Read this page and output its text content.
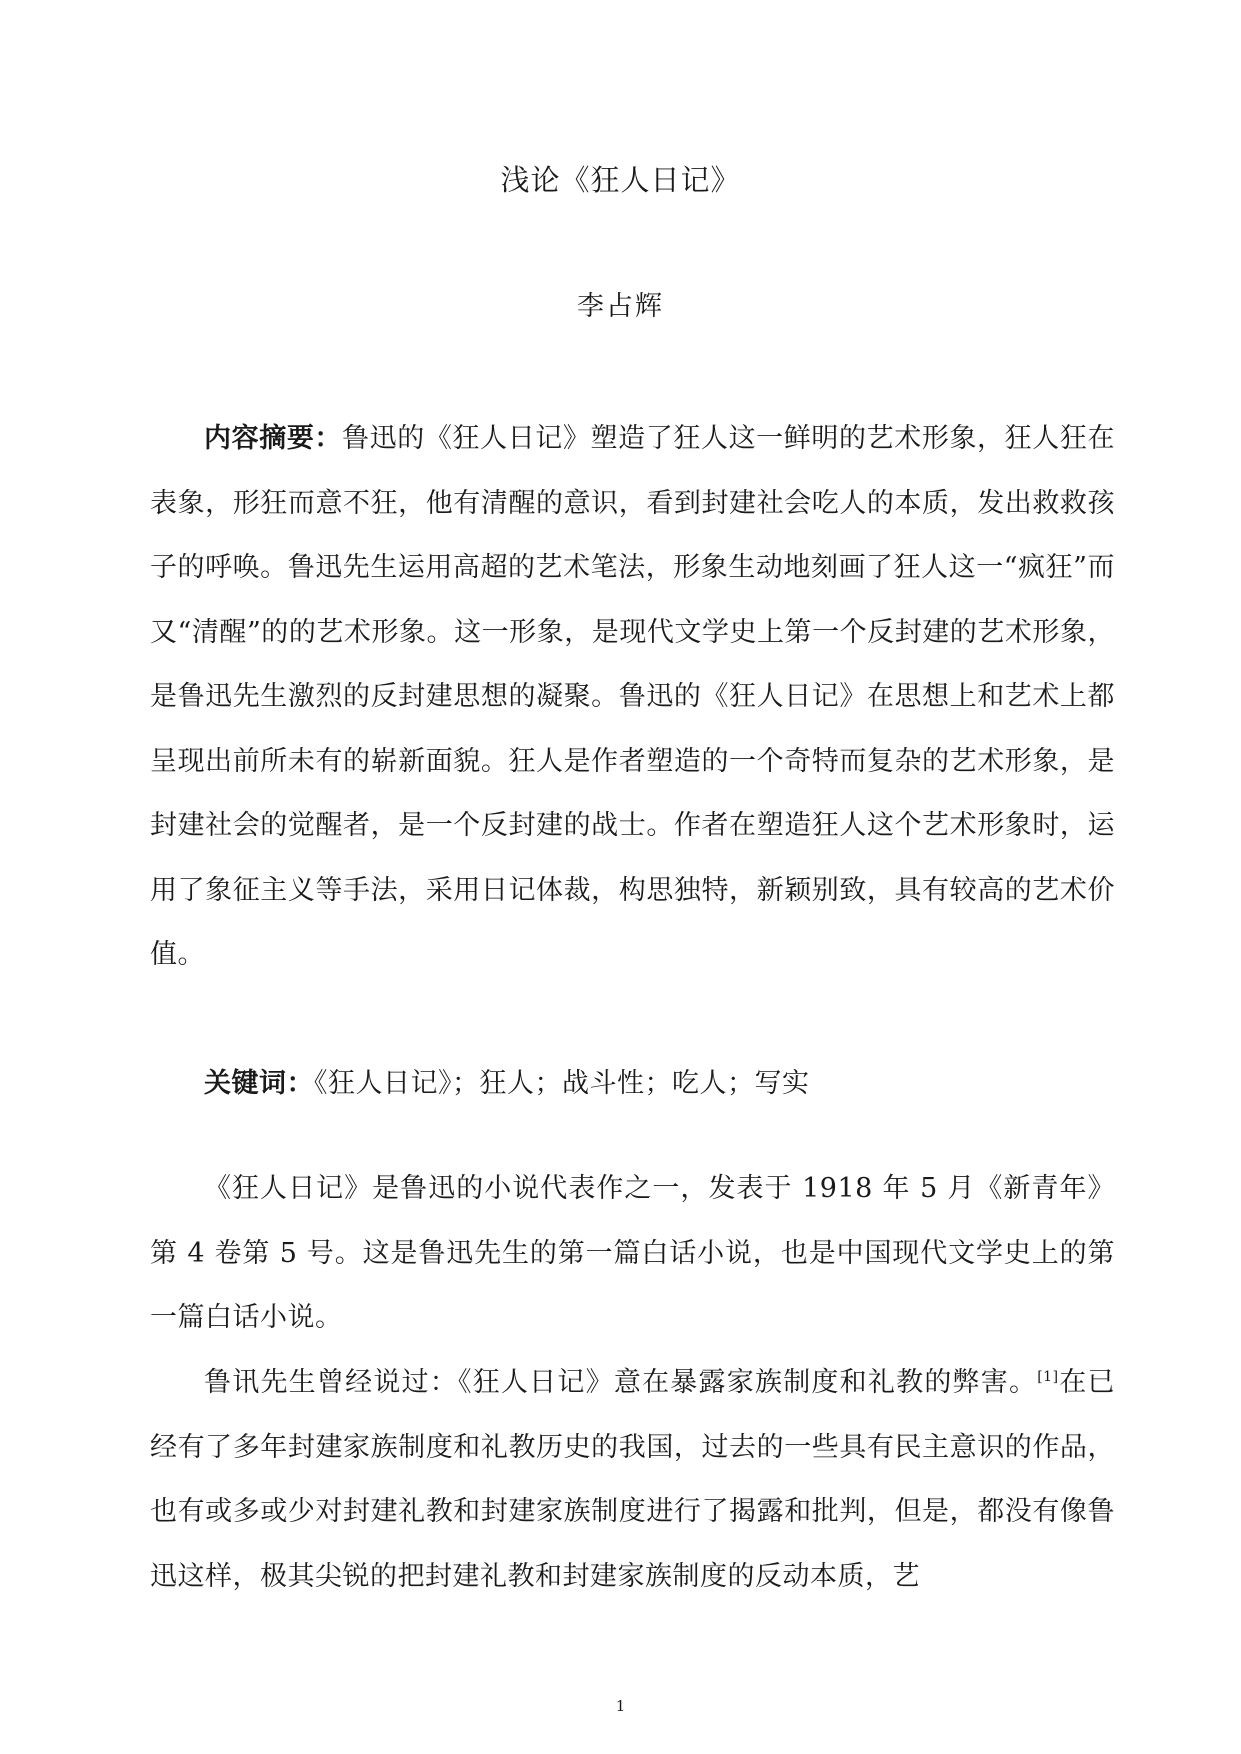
浅论《狂人日记》
李占辉
内容摘要：鲁迅的《狂人日记》塑造了狂人这一鲜明的艺术形象，狂人狂在表象，形狂而意不狂，他有清醒的意识，看到封建社会吃人的本质，发出救救孩子的呼唤。鲁迅先生运用高超的艺术笔法，形象生动地刻画了狂人这一“疯狂”而又“清醒”的的艺术形象。这一形象，是现代文学史上第一个反封建的艺术形象，是鲁迅先生激烈的反封建思想的凝聚。鲁迅的《狂人日记》在思想上和艺术上都呈现出前所未有的崭新面貌。狂人是作者塑造的一个奇特而复杂的艺术形象，是封建社会的觉醒者，是一个反封建的战士。作者在塑造狂人这个艺术形象时，运用了象征主义等手法，采用日记体裁，构思独特，新颖别致，具有较高的艺术价值。
关键词：《狂人日记》；狂人；战斗性；吃人；写实
《狂人日记》是鲁迅的小说代表作之一，发表于 1918 年 5 月《新青年》第 4 卷第 5 号。这是鲁迅先生的第一篇白话小说，也是中国现代文学史上的第一篇白话小说。
鲁讯先生曾经说过：《狂人日记》意在暴露家族制度和礼教的弊害。[1]在已经有了多年封建家族制度和礼教历史的我国，过去的一些具有民主意识的作品，也有或多或少对封建礼教和封建家族制度进行了揭露和批判，但是，都没有像鲁迅这样，极其尖锐的把封建礼教和封建家族制度的反动本质，艺
1
